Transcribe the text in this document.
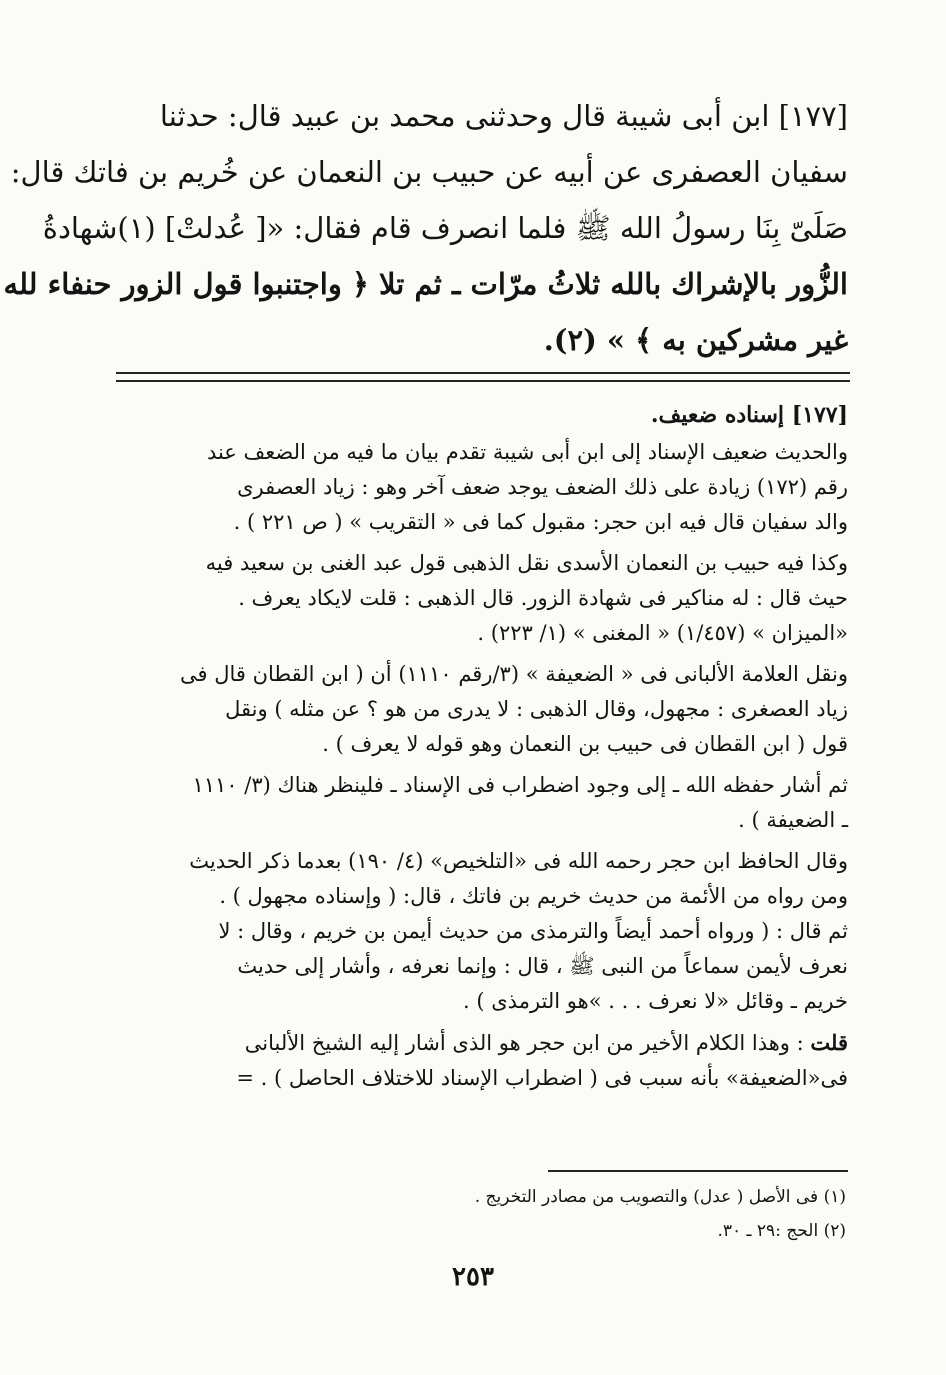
[١٧٧] ابن أبى شيبة قال وحدثنى محمد بن عبيد قال: حدثنا
سفيان العصفرى عن أبيه عن حبيب بن النعمان عن خُريم بن فاتك قال:
صَلَىّ بِنَا رسولُ الله ﷺ فلما انصرف قام فقال: «[ عُدلتْ] (١)شهادةُ
الزُّور بالإشراك بالله ثلاثُ مرّات ـ ثم تلا ﴿ واجتنبوا قول الزور حنفاء لله
غير مشركين به ﴾ » (٢).
[١٧٧] إسناده ضعيف.

والحديث ضعيف الإسناد إلى ابن أبى شيبة تقدم بيان ما فيه من الضعف عند
رقم (١٧٢) زيادة على ذلك الضعف يوجد ضعف آخر وهو : زياد العصفرى
والد سفيان قال فيه ابن حجر: مقبول كما فى « التقريب » ( ص ٢٢١ ) .

وكذا فيه حبيب بن النعمان الأسدى نقل الذهبى قول عبد الغنى بن سعيد فيه
حيث قال : له مناكير فى شهادة الزور. قال الذهبى : قلت لايكاد يعرف .
«الميزان » (١/٤٥٧) « المغنى » (١/ ٢٢٣) .

ونقل العلامة الألبانى فى « الضعيفة » (٣/رقم ١١١٠) أن ( ابن القطان قال فى
زياد العصغرى : مجهول، وقال الذهبى : لا يدرى من هو ؟ عن مثله ) ونقل
قول ( ابن القطان فى حبيب بن النعمان وهو قوله لا يعرف ) .

ثم أشار حفظه الله ـ إلى وجود اضطراب فى الإسناد ـ فلينظر هناك (٣/ ١١١٠
ـ الضعيفة ) .

وقال الحافظ ابن حجر رحمه الله فى «التلخيص» (٤/ ١٩٠) بعدما ذكر الحديث
ومن رواه من الأئمة من حديث خريم بن فاتك ، قال: ( وإسناده مجهول ) .
ثم قال : ( ورواه أحمد أيضاً والترمذى من حديث أيمن بن خريم ، وقال : لا
نعرف لأيمن سماعاً من النبى ﷺ ، قال : وإنما نعرفه ، وأشار إلى حديث
خريم ـ وقائل «لا نعرف . . . »هو الترمذى ) .

قلت : وهذا الكلام الأخير من ابن حجر هو الذى أشار إليه الشيخ الألبانى
فى«الضعيفة» بأنه سبب فى ( اضطراب الإسناد للاختلاف الحاصل ) . =

(١) فى الأصل ( عدل) والتصويب من مصادر التخريج .
(٢) الحج :٢٩ ـ ٣٠.
٢٥٣
